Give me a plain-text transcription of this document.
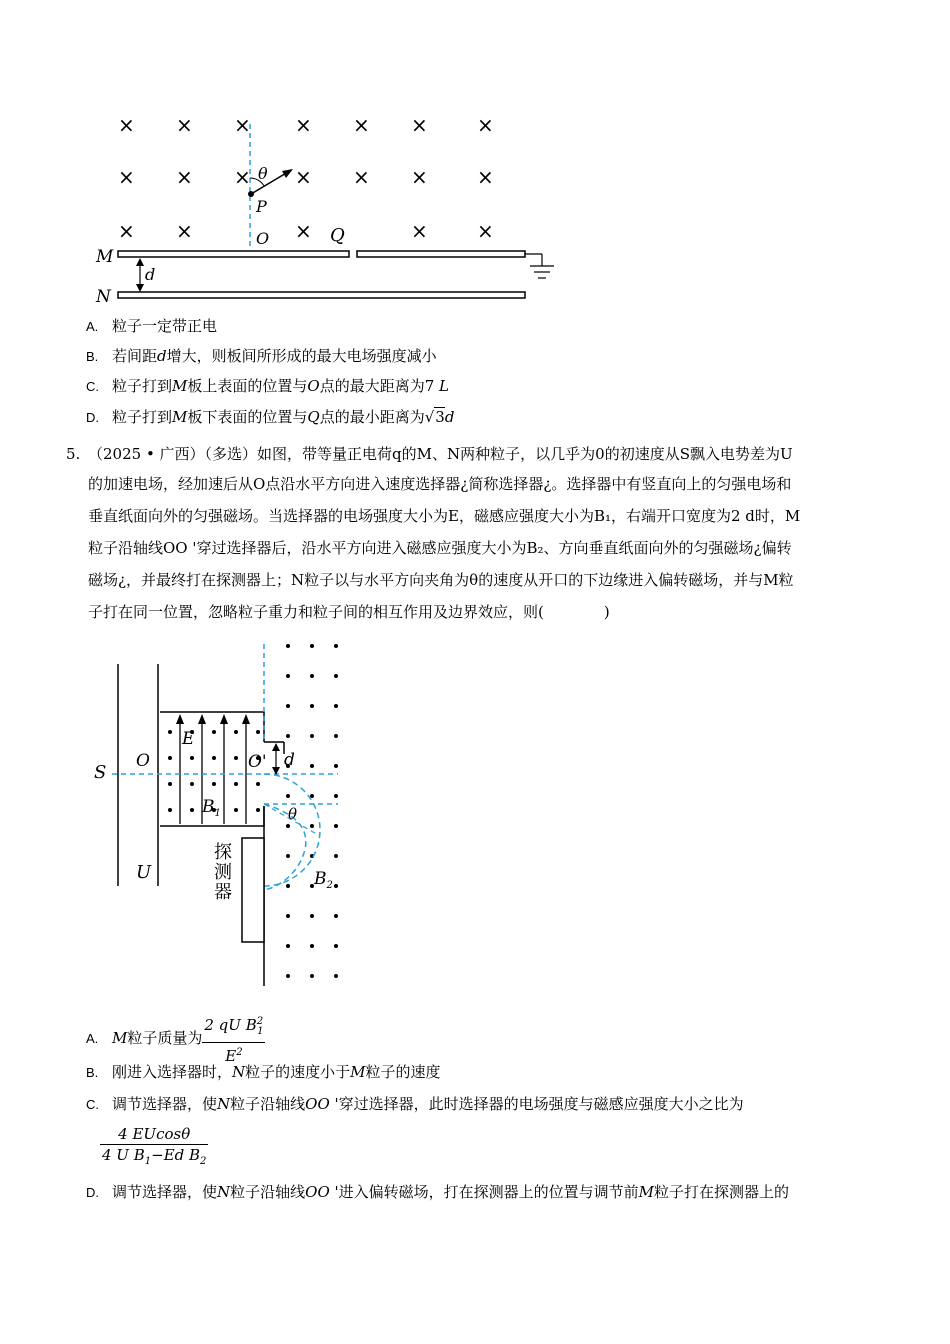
× × × × × × ×
× × × × × × ×
× ×	×	× ×
θ
P
O	Q
M
N
d
A. 粒子一定带正电
B. 若间距d增大，则板间所形成的最大电场强度减小
C. 粒子打到M板上表面的位置与O点的最大距离为7 L
D. 粒子打到M板下表面的位置与Q点的最小距离为√3d
5. （2025 • 广西）（多选）如图，带等量正电荷q的M、N两种粒子，以几乎为0的初速度从S飘入电势差为U
的加速电场，经加速后从O点沿水平方向进入速度选择器¿简称选择器¿。选择器中有竖直向上的匀强电场和
垂直纸面向外的匀强磁场。当选择器的电场强度大小为E，磁感应强度大小为B₁，右端开口宽度为2 d时，M
粒子沿轴线OO '穿过选择器后，沿水平方向进入磁感应强度大小为B₂、方向垂直纸面向外的匀强磁场¿偏转
磁场¿，并最终打在探测器上；N粒子以与水平方向夹角为θ的速度从开口的下边缘进入偏转磁场，并与M粒
子打在同一位置，忽略粒子重力和粒子间的相互作用及边界效应，则(　　　　)
d
θ
探
测
器
S
O
E
$B_1$
O'
$B_2$
U
A. M粒子质量为 $\frac{2 qU B^2_1}{E^2}$
B. 刚进入选择器时，N粒子的速度小于M粒子的速度
C. 调节选择器，使N粒子沿轴线OO '穿过选择器，此时选择器的电场强度与磁感应强度大小之比为
$\frac{4 EUcos\theta}{4 U B_1-Ed B_2}$
D. 调节选择器，使N粒子沿轴线OO '进入偏转磁场，打在探测器上的位置与调节前M粒子打在探测器上的
